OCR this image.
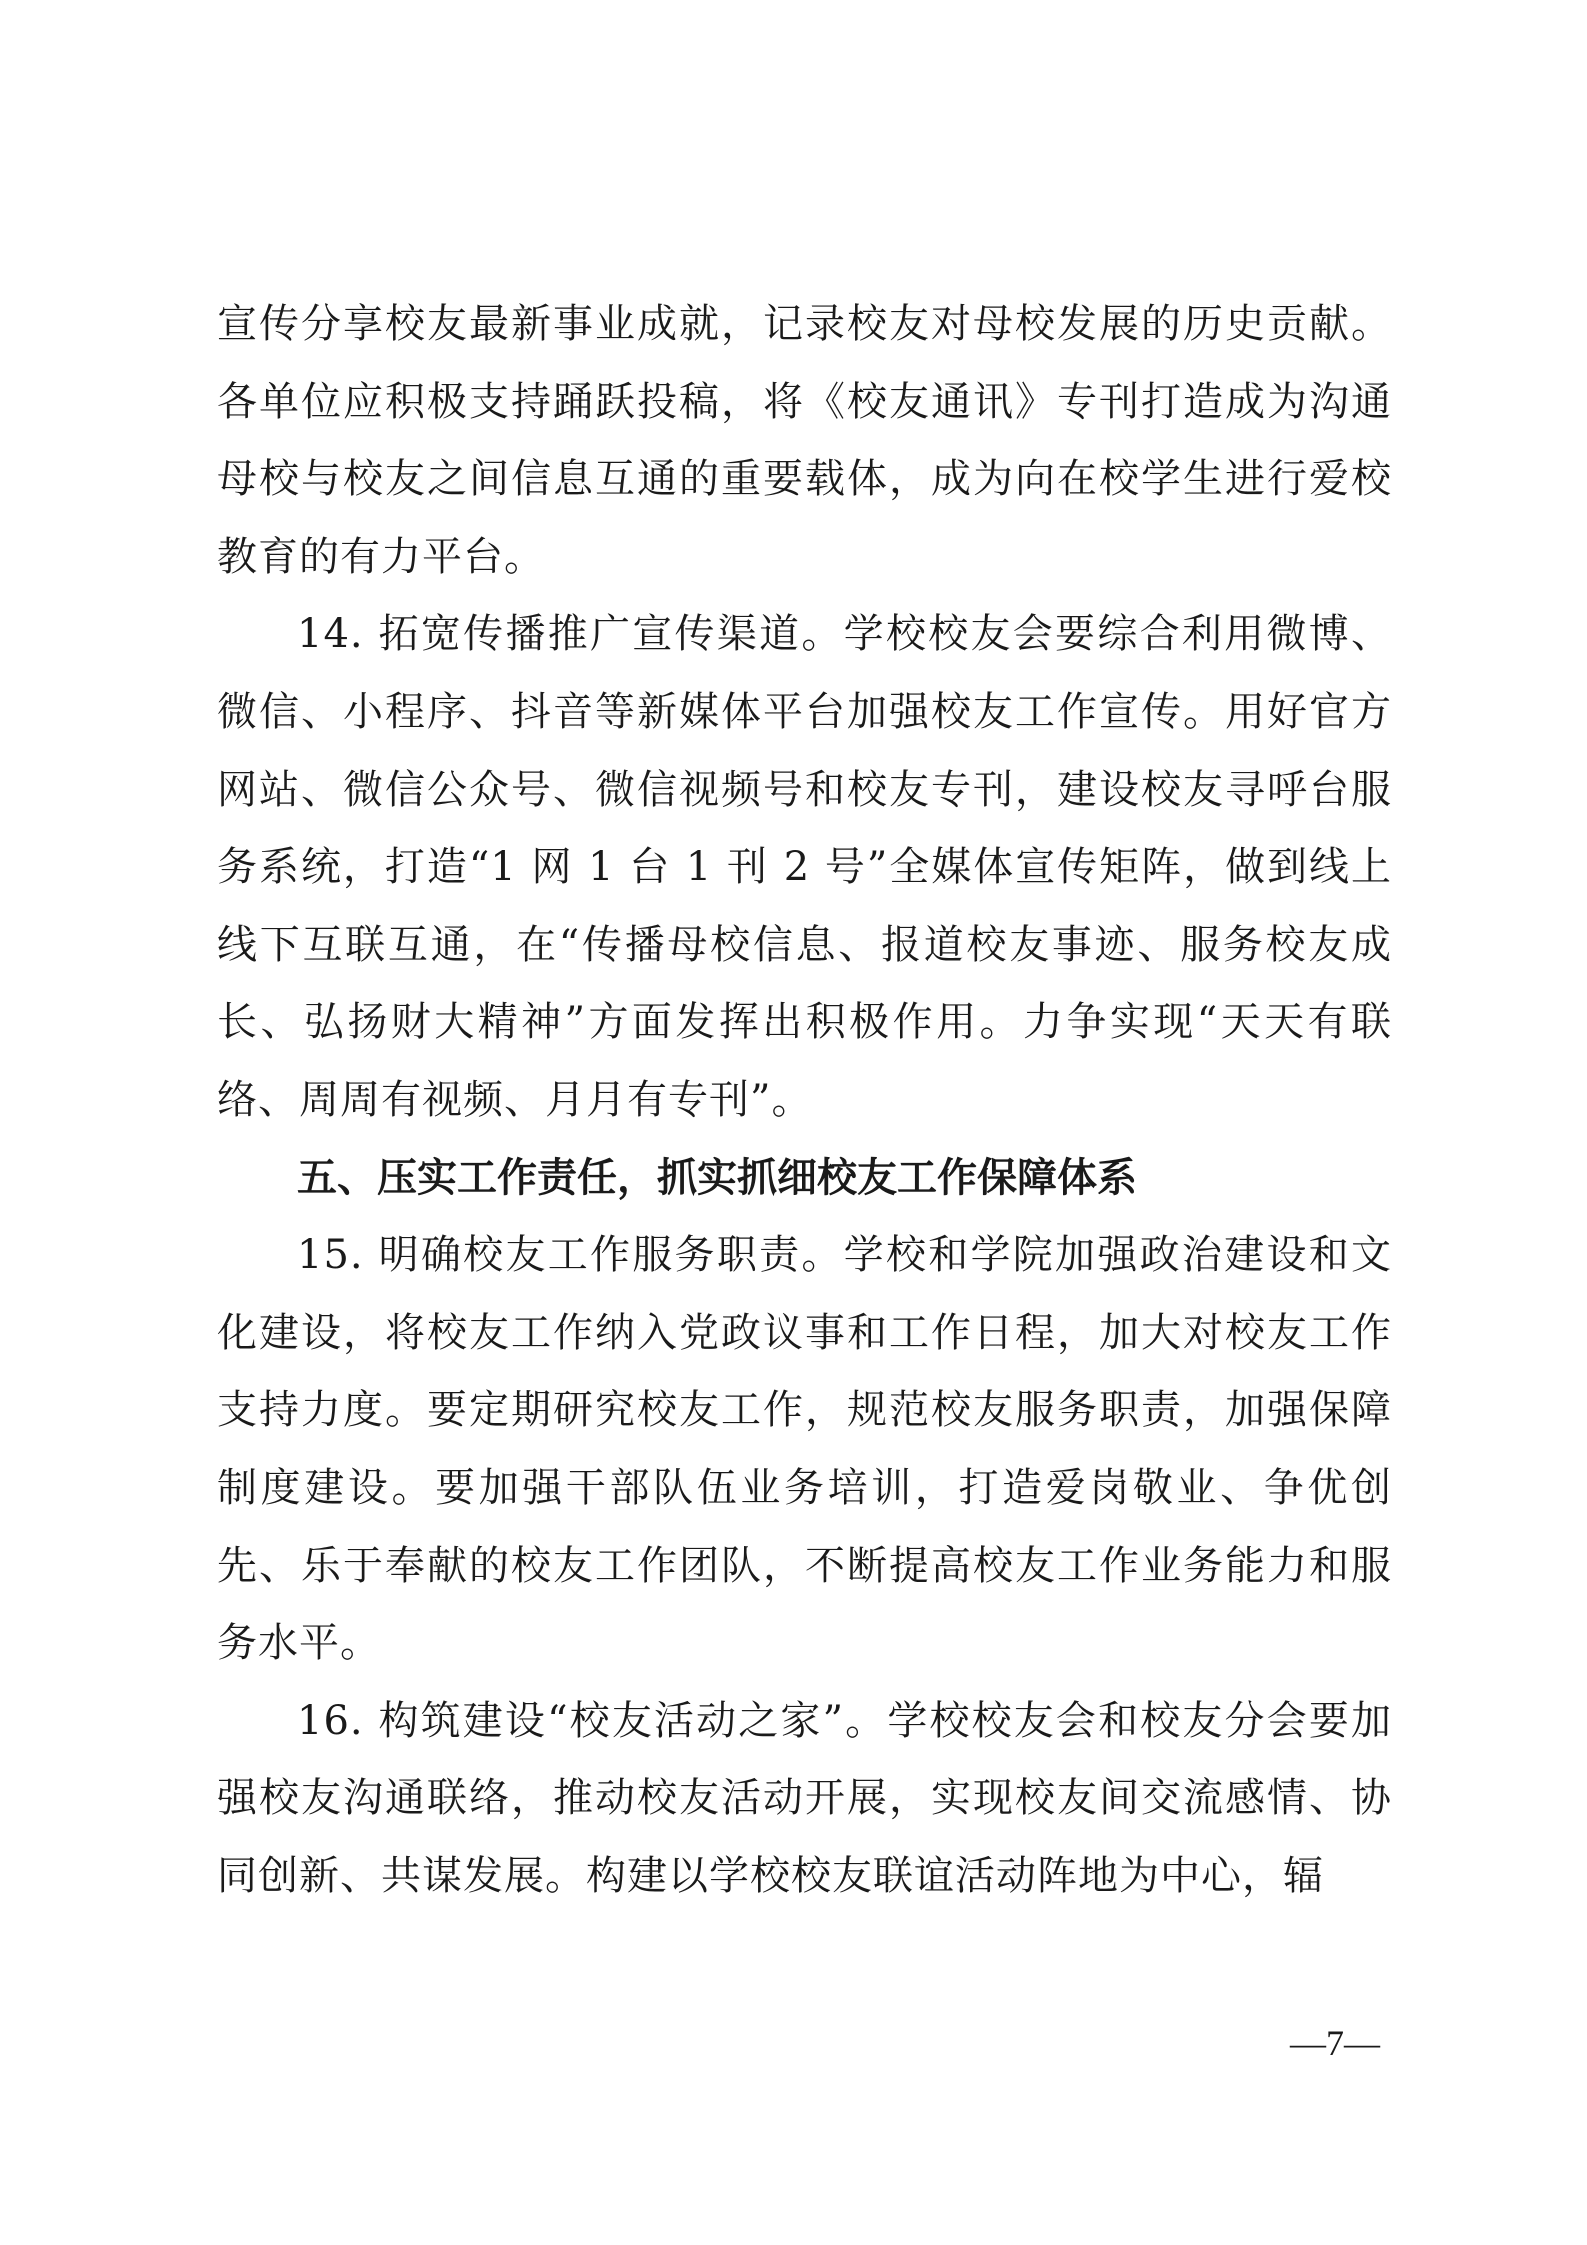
宣传分享校友最新事业成就，记录校友对母校发展的历史贡献。各单位应积极支持踊跃投稿，将《校友通讯》专刊打造成为沟通母校与校友之间信息互通的重要载体，成为向在校学生进行爱校教育的有力平台。

14. 拓宽传播推广宣传渠道。学校校友会要综合利用微博、微信、小程序、抖音等新媒体平台加强校友工作宣传。用好官方网站、微信公众号、微信视频号和校友专刊，建设校友寻呼台服务系统，打造“1 网 1 台 1 刊 2 号”全媒体宣传矩阵，做到线上线下互联互通，在“传播母校信息、报道校友事迹、服务校友成长、弘扬财大精神”方面发挥出积极作用。力争实现“天天有联络、周周有视频、月月有专刊”。

五、压实工作责任，抓实抓细校友工作保障体系

15. 明确校友工作服务职责。学校和学院加强政治建设和文化建设，将校友工作纳入党政议事和工作日程，加大对校友工作支持力度。要定期研究校友工作，规范校友服务职责，加强保障制度建设。要加强干部队伍业务培训，打造爱岗敬业、争优创先、乐于奉献的校友工作团队，不断提高校友工作业务能力和服务水平。

16. 构筑建设“校友活动之家”。学校校友会和校友分会要加强校友沟通联络，推动校友活动开展，实现校友间交流感情、协同创新、共谋发展。构建以学校校友联谊活动阵地为中心，辐

—7—
